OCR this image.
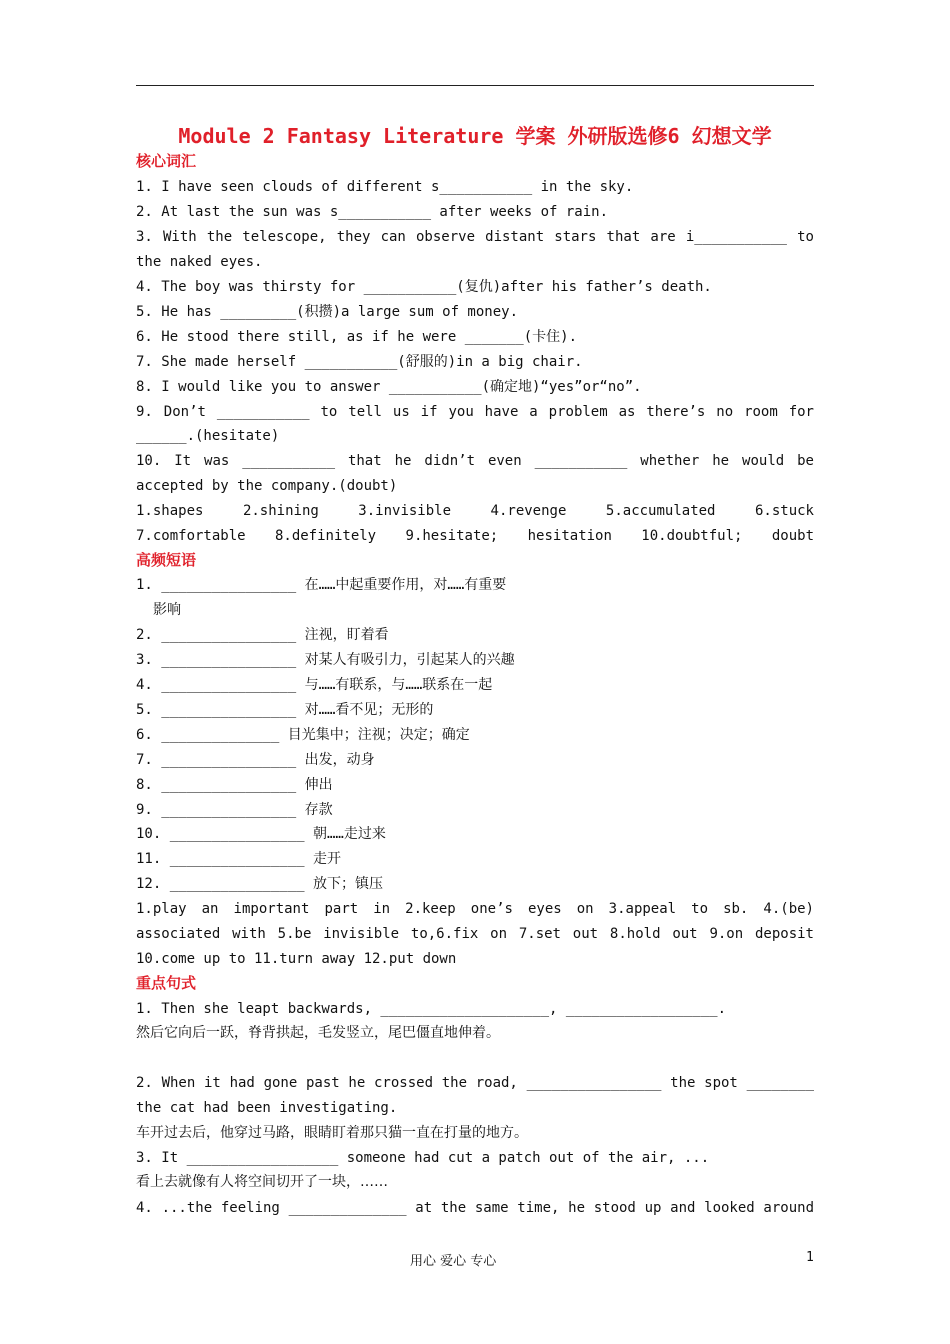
Module 2 Fantasy Literature 学案 外研版选修6 幻想文学
核心词汇
1. I have seen clouds of different s___________ in the sky.
2. At last the sun was s___________ after weeks of rain.
3. With the telescope, they can observe distant stars that are i___________ to
the naked eyes.
4. The boy was thirsty for ___________(复仇)after his father’s death.
5. He has _________(积攒)a large sum of money.
6. He stood there still, as if he were _______(卡住).
7. She made herself ___________(舒服的)in a big chair.
8. I would like you to answer ___________(确定地)“yes”or“no”.
9. Don’t ___________ to tell us if you have a problem as there’s no room for
______.(hesitate)
10. It was ___________ that he didn’t even ___________ whether he would be
accepted by the company.(doubt)
1.shapes 2.shining 3.invisible 4.revenge 5.accumulated 6.stuck
7.comfortable 8.definitely 9.hesitate; hesitation 10.doubtful; doubt
高频短语
1. ________________ 在……中起重要作用，对……有重要
影响
2. ________________ 注视，盯着看
3. ________________ 对某人有吸引力，引起某人的兴趣
4. ________________ 与……有联系，与……联系在一起
5. ________________ 对……看不见；无形的
6. ______________ 目光集中；注视；决定；确定
7. ________________ 出发，动身
8. ________________ 伸出
9. ________________ 存款
10. ________________ 朝……走过来
11. ________________ 走开
12. ________________ 放下；镇压
1.play an important part in 2.keep one’s eyes on 3.appeal to sb. 4.(be)
associated with 5.be invisible to,6.fix on 7.set out 8.hold out 9.on deposit
10.come up to 11.turn away 12.put down
重点句式
1. Then she leapt backwards, ____________________, __________________.
然后它向后一跃，脊背拱起，毛发竖立，尾巴僵直地伸着。
2. When it had gone past he crossed the road, ________________ the spot ________
the cat had been investigating.
车开过去后，他穿过马路，眼睛盯着那只猫一直在打量的地方。
3. It __________________ someone had cut a patch out of the air, ...
看上去就像有人将空间切开了一块，……
4. ...the feeling ______________ at the same time, he stood up and looked around
用心 爱心 专心	1
